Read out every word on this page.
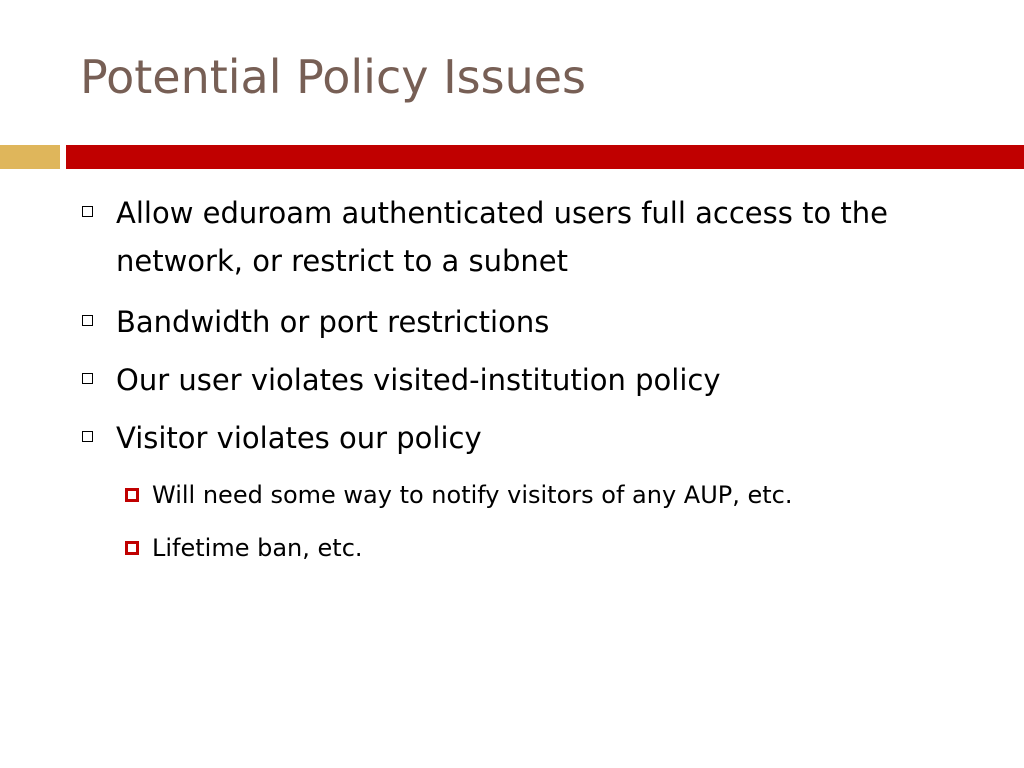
Potential Policy Issues
Allow eduroam authenticated users full access to the network, or restrict to a subnet
Bandwidth or port restrictions
Our user violates visited-institution policy
Visitor violates our policy
Will need some way to notify visitors of any AUP, etc.
Lifetime ban, etc.
